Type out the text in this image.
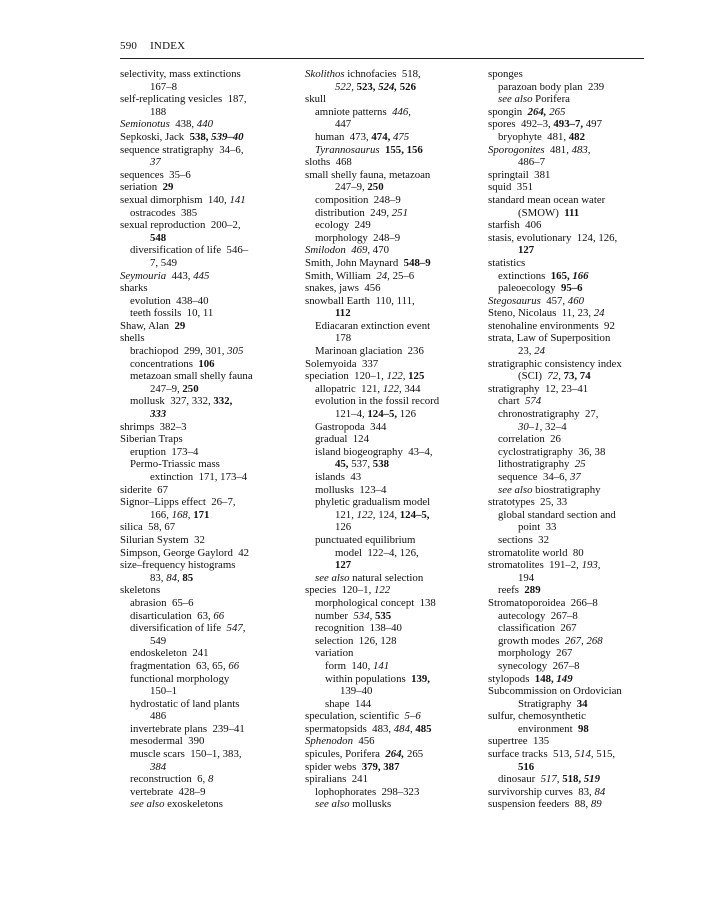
590 INDEX
selectivity, mass extinctions
167–8
self-replicating vesicles  187,
188
Semionotus  438, 440
Sepkoski, Jack  538, 539–40
sequence stratigraphy  34–6,
37
sequences  35–6
seriation  29
sexual dimorphism  140, 141
ostracodes  385
sexual reproduction  200–2,
548
diversification of life  546–
7, 549
Seymouria  443, 445
sharks
evolution  438–40
teeth fossils  10, 11
Shaw, Alan  29
shells
brachiopod  299, 301, 305
concentrations  106
metazoan small shelly fauna
247–9, 250
mollusk  327, 332, 332,
333
shrimps  382–3
Siberian Traps
eruption  173–4
Permo-Triassic mass
extinction  171, 173–4
siderite  67
Signor–Lipps effect  26–7,
166, 168, 171
silica  58, 67
Silurian System  32
Simpson, George Gaylord  42
size–frequency histograms
83, 84, 85
skeletons
abrasion  65–6
disarticulation  63, 66
diversification of life  547,
549
endoskeleton  241
fragmentation  63, 65, 66
functional morphology
150–1
hydrostatic of land plants
486
invertebrate plans  239–41
mesodermal  390
muscle scars  150–1, 383,
384
reconstruction  6, 8
vertebrate  428–9
see also exoskeletons
Skolithos ichnofacies  518,
522, 523, 524, 526
skull
amniote patterns  446,
447
human  473, 474, 475
Tyrannosaurus 155, 156
sloths  468
small shelly fauna, metazoan
247–9, 250
composition  248–9
distribution  249, 251
ecology  249
morphology  248–9
Smilodon 469, 470
Smith, John Maynard  548–9
Smith, William  24, 25–6
snakes, jaws  456
snowball Earth  110, 111,
112
Ediacaran extinction event
178
Marinoan glaciation  236
Solemyoida  337
speciation  120–1, 122, 125
allopatric  121, 122, 344
evolution in the fossil record
121–4, 124–5, 126
Gastropoda  344
gradual  124
island biogeography  43–4,
45, 537, 538
islands  43
mollusks  123–4
phyletic gradualism model
121, 122, 124, 124–5,
126
punctuated equilibrium
model  122–4, 126,
127
see also natural selection
species  120–1, 122
morphological concept  138
number  534, 535
recognition  138–40
selection  126, 128
variation
form  140, 141
within populations  139,
139–40
shape  144
speculation, scientific  5–6
spermatopsids  483, 484, 485
Sphenodon  456
spicules, Porifera  264, 265
spider webs  379, 387
spiralians  241
lophophorates  298–323
see also mollusks
sponges
parazoan body plan  239
see also Porifera
spongin  264, 265
spores  492–3, 493–7, 497
bryophyte  481, 482
Sporogonites  481, 483,
486–7
springtail  381
squid  351
standard mean ocean water
(SMOW)  111
starfish  406
stasis, evolutionary  124, 126,
127
statistics
extinctions  165, 166
paleoecology  95–6
Stegosaurus  457, 460
Steno, Nicolaus  11, 23, 24
stenohaline environments  92
strata, Law of Superposition
23, 24
stratigraphic consistency index
(SCI)  72, 73, 74
stratigraphy  12, 23–41
chart  574
chronostratigraphy  27,
30–1, 32–4
correlation  26
cyclostratigraphy  36, 38
lithostratigraphy  25
sequence  34–6, 37
see also biostratigraphy
stratotypes  25, 33
global standard section and
point  33
sections  32
stromatolite world  80
stromatolites  191–2, 193,
194
reefs  289
Stromatoporoidea  266–8
autecology  267–8
classification  267
growth modes  267, 268
morphology  267
synecology  267–8
stylopods  148, 149
Subcommission on Ordovician
Stratigraphy  34
sulfur, chemosynthetic
environment  98
supertree  135
surface tracks  513, 514, 515,
516
dinosaur  517, 518, 519
survivorship curves  83, 84
suspension feeders  88, 89
